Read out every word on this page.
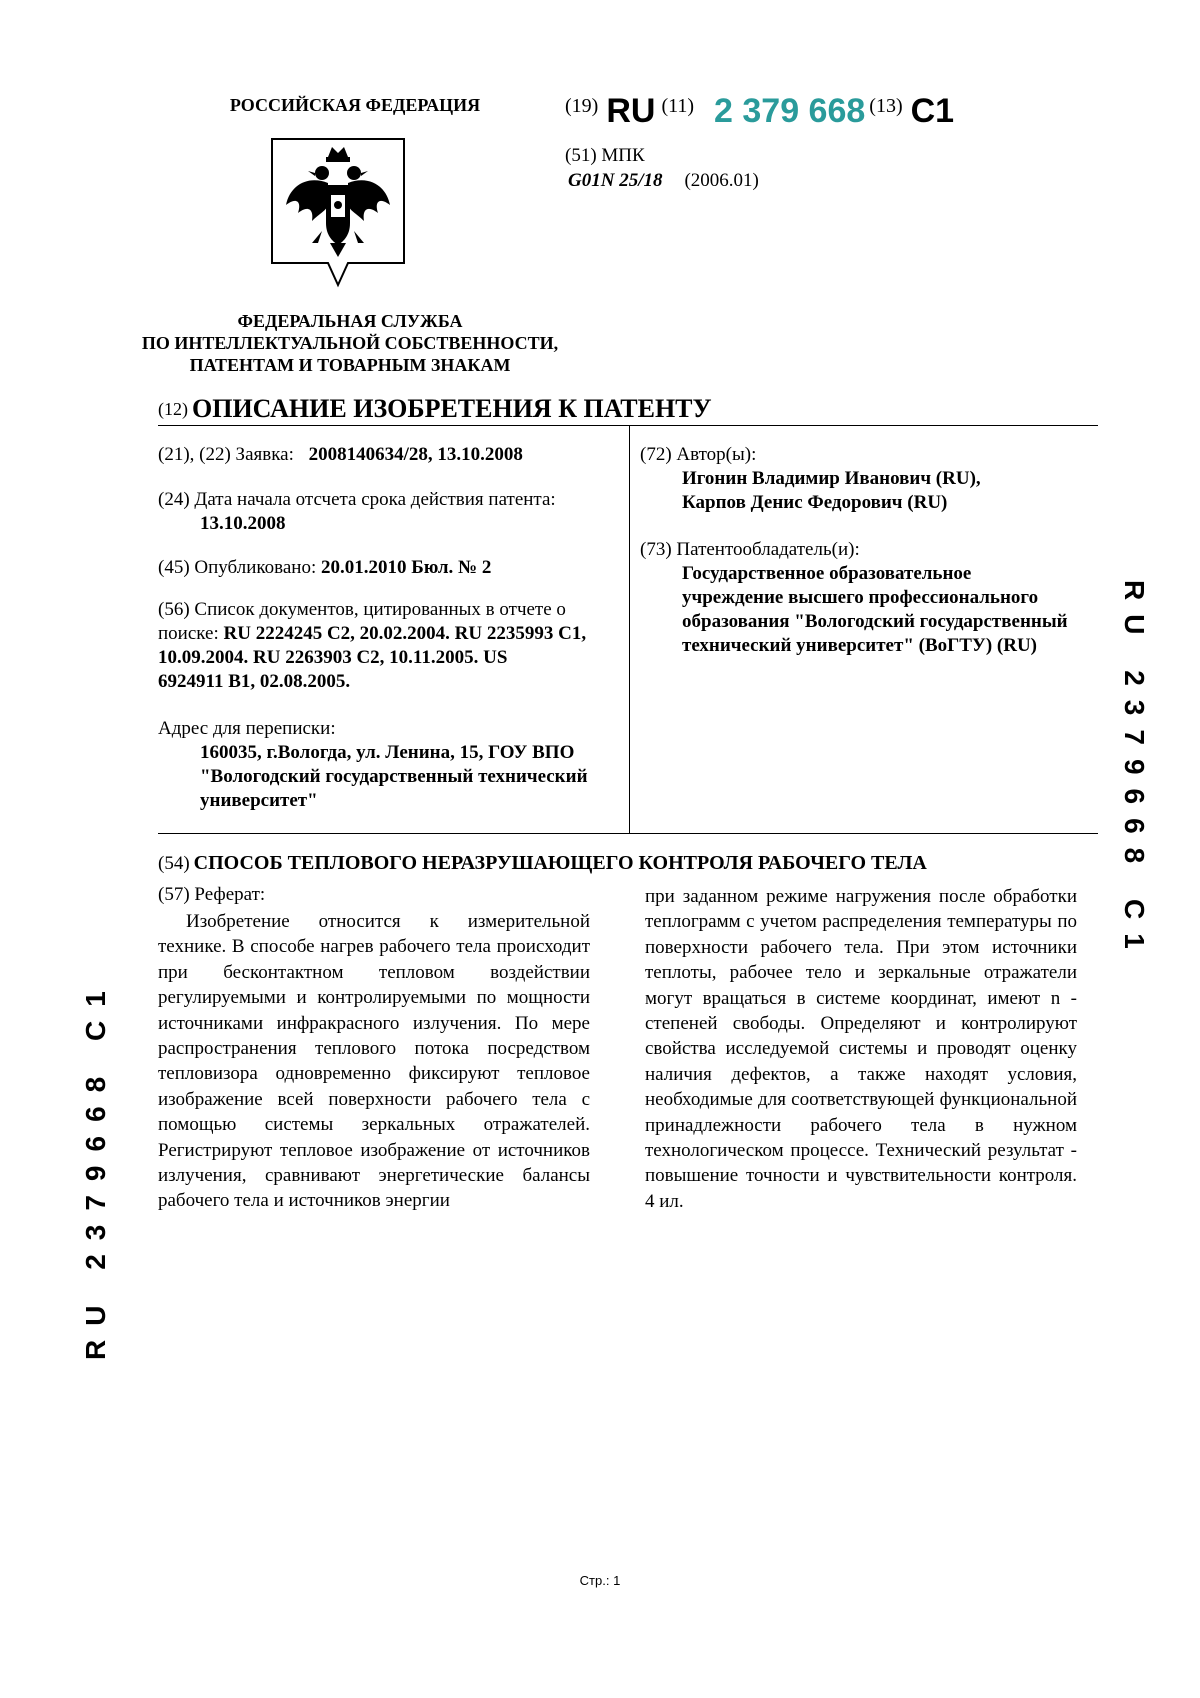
РОССИЙСКАЯ ФЕДЕРАЦИЯ
ФЕДЕРАЛЬНАЯ СЛУЖБА
ПО ИНТЕЛЛЕКТУАЛЬНОЙ СОБСТВЕННОСТИ,
ПАТЕНТАМ И ТОВАРНЫМ ЗНАКАМ
(19) RU (11) 2 379 668 (13) C1
(51) МПК
G01N 25/18 (2006.01)
(12) ОПИСАНИЕ ИЗОБРЕТЕНИЯ К ПАТЕНТУ
(21), (22) Заявка: 2008140634/28, 13.10.2008
(24) Дата начала отсчета срока действия патента:
13.10.2008
(45) Опубликовано: 20.01.2010 Бюл. № 2
(56) Список документов, цитированных в отчете о
поиске: RU 2224245 C2, 20.02.2004. RU 2235993 C1,
10.09.2004. RU 2263903 C2, 10.11.2005. US
6924911 B1, 02.08.2005.
Адрес для переписки:
160035, г.Вологда, ул. Ленина, 15, ГОУ ВПО
"Вологодский государственный технический
университет"
(72) Автор(ы):
Игонин Владимир Иванович (RU),
Карпов Денис Федорович (RU)
(73) Патентообладатель(и):
Государственное образовательное
учреждение высшего профессионального
образования "Вологодский государственный
технический университет" (ВоГТУ) (RU)
(54) СПОСОБ ТЕПЛОВОГО НЕРАЗРУШАЮЩЕГО КОНТРОЛЯ РАБОЧЕГО ТЕЛА
(57) Реферат:
Изобретение относится к измерительной технике. В способе нагрев рабочего тела происходит при бесконтактном тепловом воздействии регулируемыми и контролируемыми по мощности источниками инфракрасного излучения. По мере распространения теплового потока посредством тепловизора одновременно фиксируют тепловое изображение всей поверхности рабочего тела с помощью системы зеркальных отражателей. Регистрируют тепловое изображение от источников излучения, сравнивают энергетические балансы рабочего тела и источников энергии
при заданном режиме нагружения после обработки теплограмм с учетом распределения температуры по поверхности рабочего тела. При этом источники теплоты, рабочее тело и зеркальные отражатели могут вращаться в системе координат, имеют n - степеней свободы. Определяют и контролируют свойства исследуемой системы и проводят оценку наличия дефектов, а также находят условия, необходимые для соответствующей функциональной принадлежности рабочего тела в нужном технологическом процессе. Технический результат - повышение точности и чувствительности контроля. 4 ил.
RU 2379668 C1
RU 2379668 C1
Стр.: 1
